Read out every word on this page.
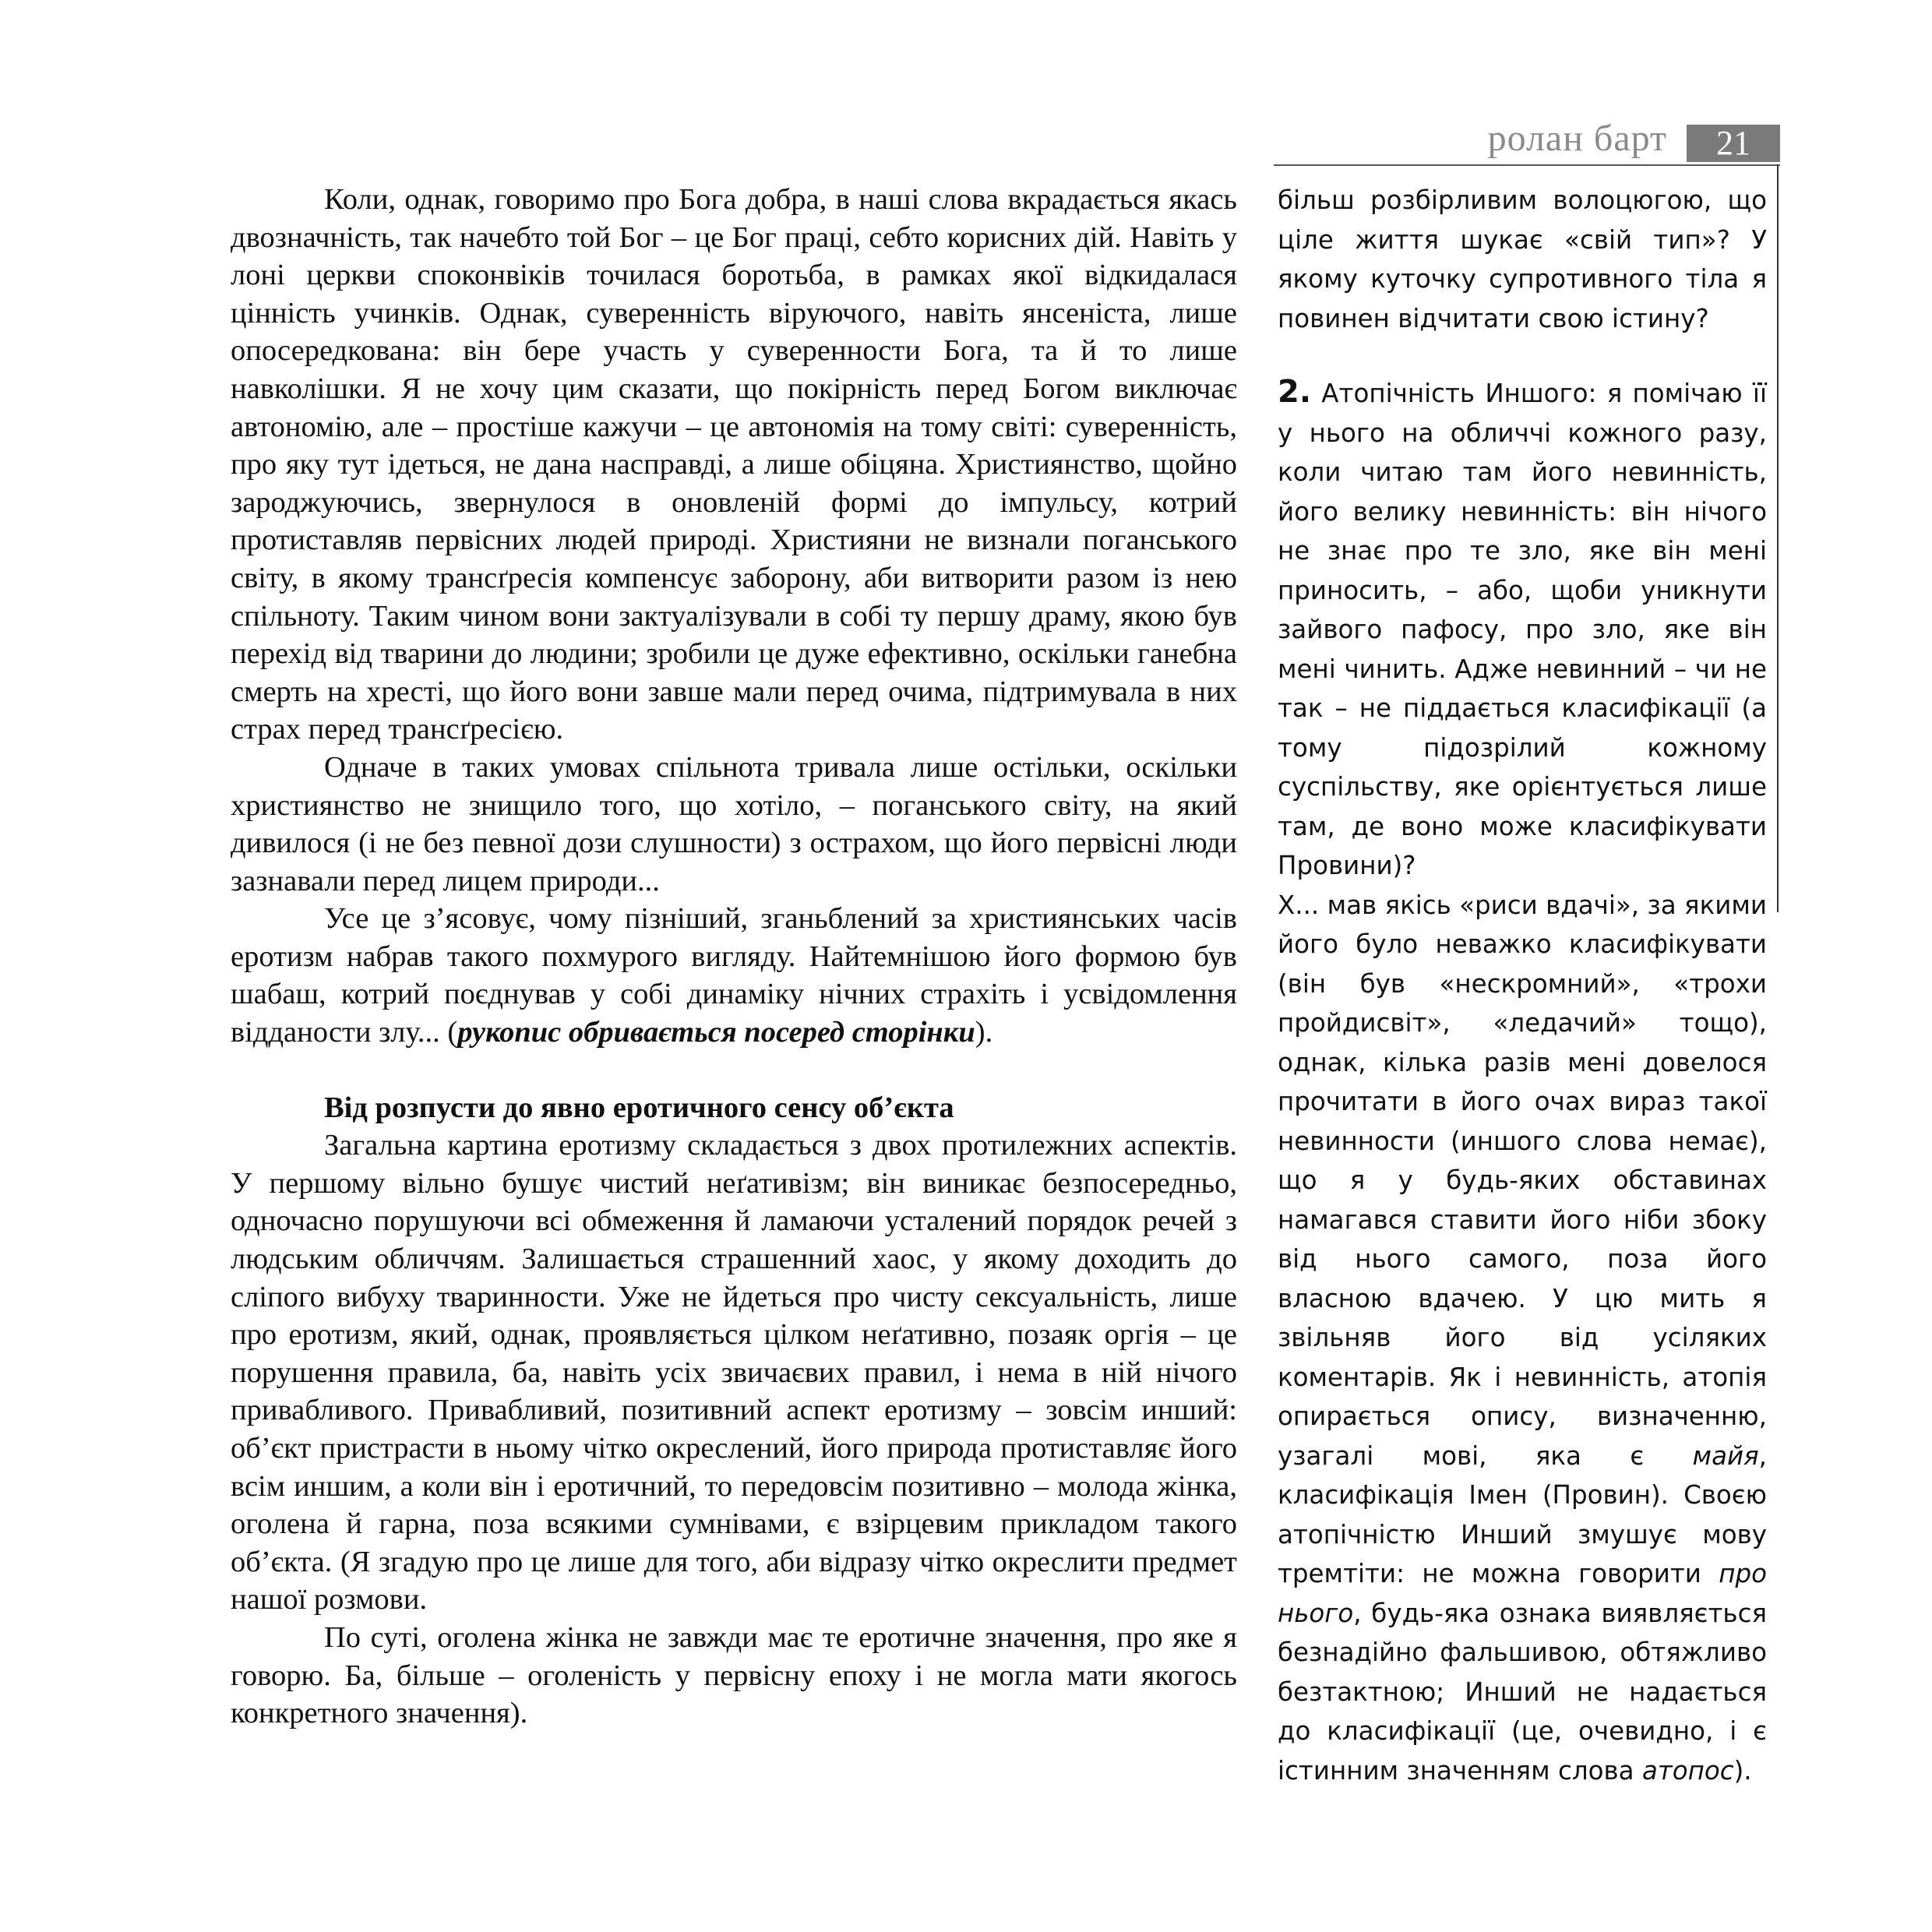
ролан барт	21

Коли, однак, говоримо про Бога добра, в наші слова вкрадається якась двозначність, так начебто той Бог – це Бог праці, себто корисних дій. Навіть у лоні церкви споконвіків точилася боротьба, в рамках якої відкидалася цінність учинків. Однак, суверенність віруючого, навіть янсеніста, лише опосередкована: він бере участь у суверенности Бога, та й то лише навколішки. Я не хочу цим сказати, що покірність перед Богом виключає автономію, але – простіше кажучи – це автономія на тому світі: суверенність, про яку тут ідеться, не дана насправді, а лише обіцяна. Християнство, щойно зароджуючись, звернулося в оновленій формі до імпульсу, котрий протиставляв первісних людей природі. Християни не визнали поганського світу, в якому трансґресія компенсує заборону, аби витворити разом із нею спільноту. Таким чином вони зактуалізували в собі ту першу драму, якою був перехід від тварини до людини; зробили це дуже ефективно, оскільки ганебна смерть на хресті, що його вони завше мали перед очима, підтримувала в них страх перед трансґресією.

Одначе в таких умовах спільнота тривала лише остільки, оскільки християнство не знищило того, що хотіло, – поганського світу, на який дивилося (і не без певної дози слушности) з острахом, що його первісні люди зазнавали перед лицем природи...

Усе це з’ясовує, чому пізніший, зганьблений за християнських часів еротизм набрав такого похмурого вигляду. Найтемнішою його формою був шабаш, котрий поєднував у собі динаміку нічних страхіть і усвідомлення відданости злу... (рукопис обривається посеред сторінки).

Від розпусти до явно еротичного сенсу об’єкта

Загальна картина еротизму складається з двох протилежних аспектів. У першому вільно бушує чистий неґативізм; він виникає безпосередньо, одночасно порушуючи всі обмеження й ламаючи усталений порядок речей з людським обличчям. Залишається страшенний хаос, у якому доходить до сліпого вибуху тваринности. Уже не йдеться про чисту сексуальність, лише про еротизм, який, однак, проявляється цілком неґативно, позаяк оргія – це порушення правила, ба, навіть усіх звичаєвих правил, і нема в ній нічого привабливого. Привабливий, позитивний аспект еротизму – зовсім инший: об’єкт пристрасти в ньому чітко окреслений, його природа протиставляє його всім иншим, а коли він і еротичний, то передовсім позитивно – молода жінка, оголена й гарна, поза всякими сумнівами, є взірцевим прикладом такого об’єкта. (Я згадую про це лише для того, аби відразу чітко окреслити предмет нашої розмови.

По суті, оголена жінка не завжди має те еротичне значення, про яке я говорю. Ба, більше – оголеність у первісну епоху і не могла мати якогось конкретного значення).

більш розбірливим волоцюгою, що ціле життя шукає «свій тип»? У якому куточку супротивного тіла я повинен відчитати свою істину?

2. Атопічність Иншого: я помічаю її у нього на обличчі кожного разу, коли читаю там його невинність, його велику невинність: він нічого не знає про те зло, яке він мені приносить, – або, щоби уникнути зайвого пафосу, про зло, яке він мені чинить. Адже невинний – чи не так – не піддається класифікації (а тому підозрілий кожному суспільству, яке орієнтується лише там, де воно може класифікувати Провини)?

X... мав якісь «риси вдачі», за якими його було неважко класифікувати (він був «нескромний», «трохи пройдисвіт», «ледачий» тощо), однак, кілька разів мені довелося прочитати в його очах вираз такої невинности (иншого слова немає), що я у будь-яких обставинах намагався ставити його ніби збоку від нього самого, поза його власною вдачею. У цю мить я звільняв його від усіляких коментарів. Як і невинність, атопія опирається опису, визначенню, узагалі мові, яка є майя, класифікація Імен (Провин). Своєю атопічністю Инший змушує мову тремтіти: не можна говорити про нього, будь-яка ознака виявляється безнадійно фальшивою, обтяжливо безтактною; Инший не надається до класифікації (це, очевидно, і є істинним значенням слова атопос).
